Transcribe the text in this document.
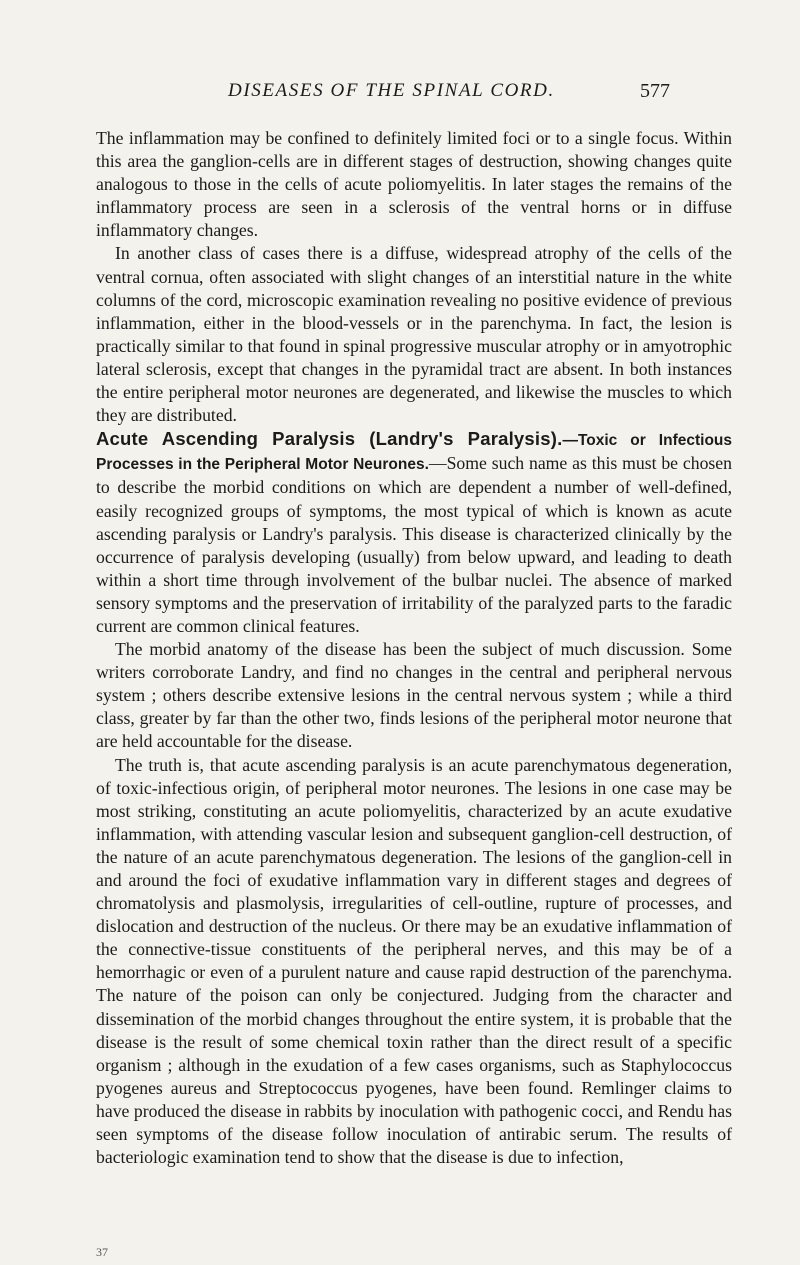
DISEASES OF THE SPINAL CORD.	577

The inflammation may be confined to definitely limited foci or to a single focus. Within this area the ganglion-cells are in different stages of destruction, showing changes quite analogous to those in the cells of acute poliomyelitis. In later stages the remains of the inflammatory process are seen in a sclerosis of the ventral horns or in diffuse inflammatory changes.

In another class of cases there is a diffuse, widespread atrophy of the cells of the ventral cornua, often associated with slight changes of an interstitial nature in the white columns of the cord, microscopic examination revealing no positive evidence of previous inflammation, either in the blood-vessels or in the parenchyma. In fact, the lesion is practically similar to that found in spinal progressive muscular atrophy or in amyotrophic lateral sclerosis, except that changes in the pyramidal tract are absent. In both instances the entire peripheral motor neurones are degenerated, and likewise the muscles to which they are distributed.

Acute Ascending Paralysis (Landry's Paralysis).—Toxic or Infectious Processes in the Peripheral Motor Neurones.—Some such name as this must be chosen to describe the morbid conditions on which are dependent a number of well-defined, easily recognized groups of symptoms, the most typical of which is known as acute ascending paralysis or Landry's paralysis. This disease is characterized clinically by the occurrence of paralysis developing (usually) from below upward, and leading to death within a short time through involvement of the bulbar nuclei. The absence of marked sensory symptoms and the preservation of irritability of the paralyzed parts to the faradic current are common clinical features.

The morbid anatomy of the disease has been the subject of much discussion. Some writers corroborate Landry, and find no changes in the central and peripheral nervous system ; others describe extensive lesions in the central nervous system ; while a third class, greater by far than the other two, finds lesions of the peripheral motor neurone that are held accountable for the disease.

The truth is, that acute ascending paralysis is an acute parenchymatous degeneration, of toxic-infectious origin, of peripheral motor neurones. The lesions in one case may be most striking, constituting an acute poliomyelitis, characterized by an acute exudative inflammation, with attending vascular lesion and subsequent ganglion-cell destruction, of the nature of an acute parenchymatous degeneration. The lesions of the ganglion-cell in and around the foci of exudative inflammation vary in different stages and degrees of chromatolysis and plasmolysis, irregularities of cell-outline, rupture of processes, and dislocation and destruction of the nucleus. Or there may be an exudative inflammation of the connective-tissue constituents of the peripheral nerves, and this may be of a hemorrhagic or even of a purulent nature and cause rapid destruction of the parenchyma. The nature of the poison can only be conjectured. Judging from the character and dissemination of the morbid changes throughout the entire system, it is probable that the disease is the result of some chemical toxin rather than the direct result of a specific organism ; although in the exudation of a few cases organisms, such as Staphylococcus pyogenes aureus and Streptococcus pyogenes, have been found. Remlinger claims to have produced the disease in rabbits by inoculation with pathogenic cocci, and Rendu has seen symptoms of the disease follow inoculation of antirabic serum. The results of bacteriologic examination tend to show that the disease is due to infection,

37
